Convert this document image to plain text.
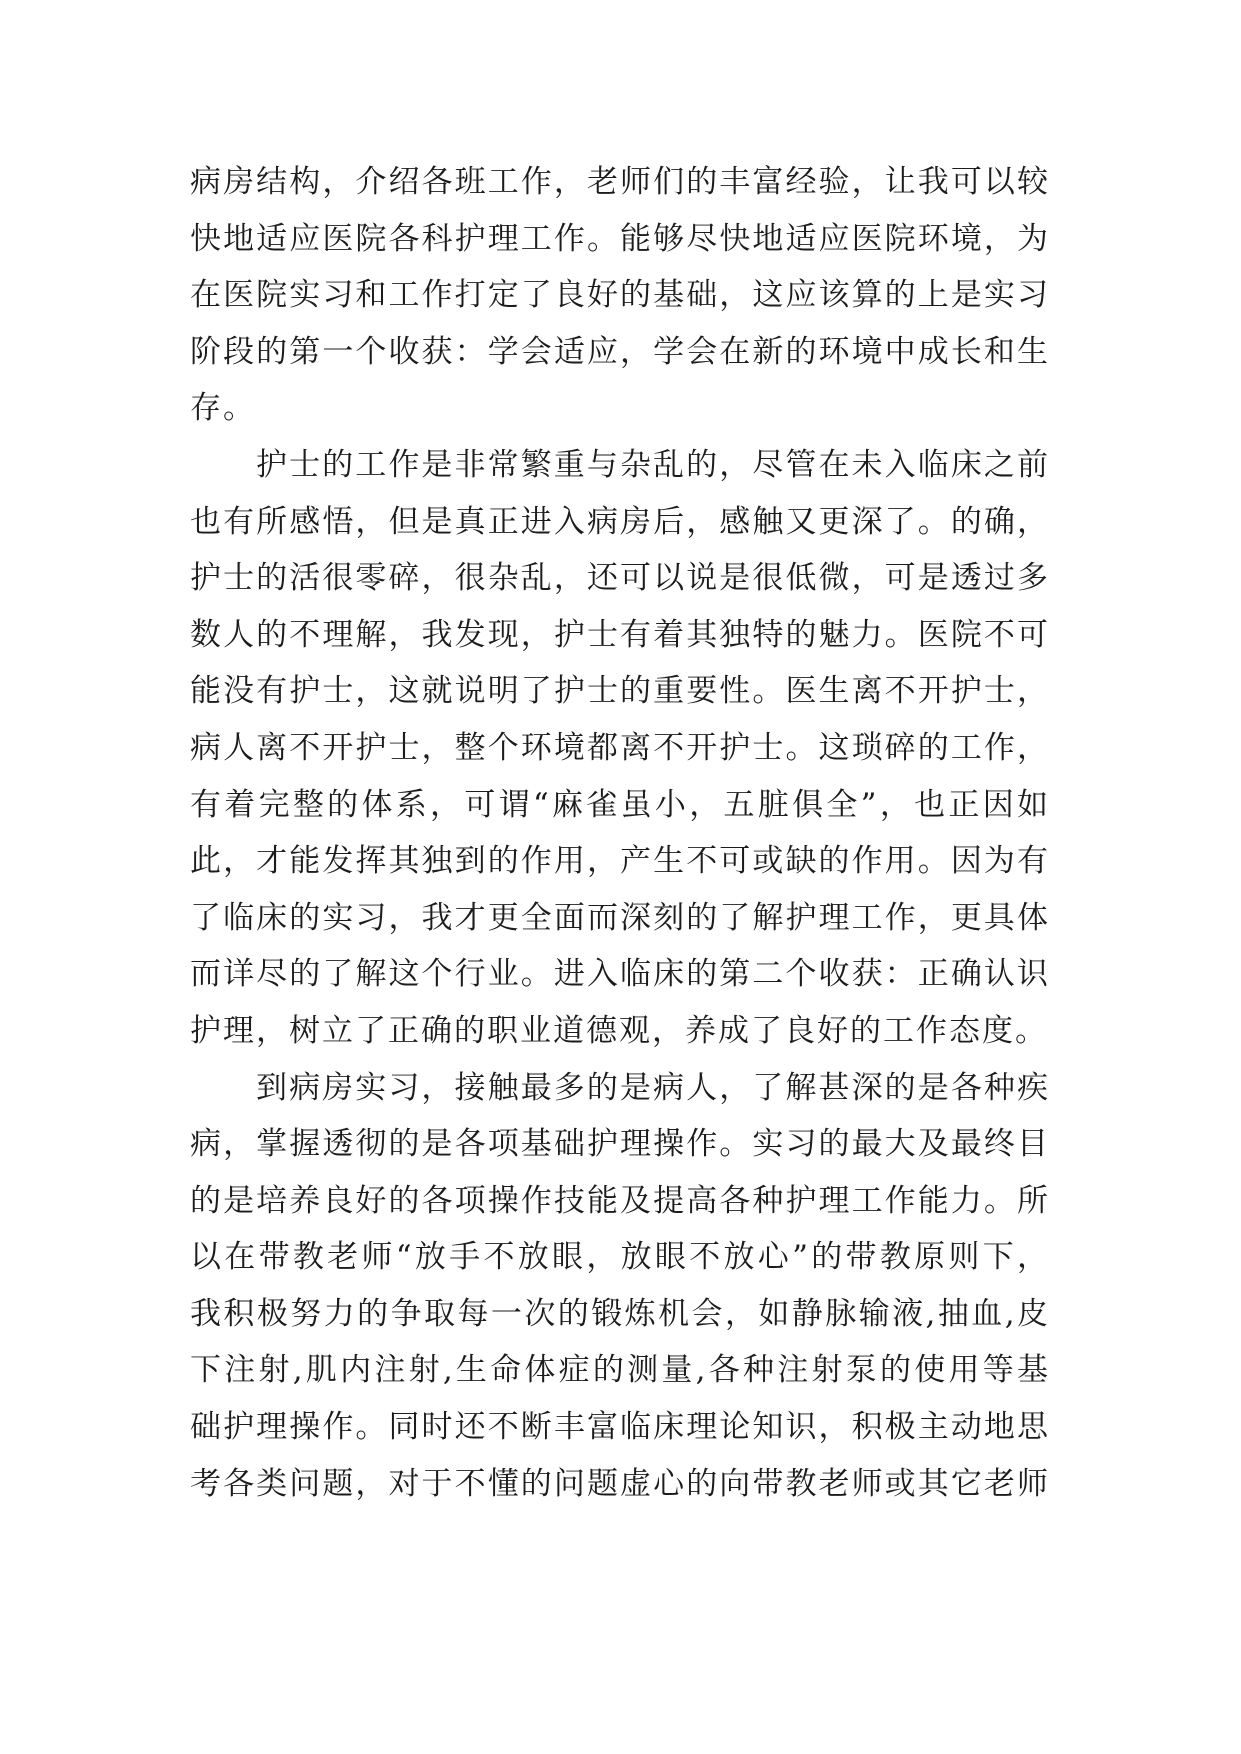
病房结构，介绍各班工作，老师们的丰富经验，让我可以较
快地适应医院各科护理工作。能够尽快地适应医院环境，为
在医院实习和工作打定了良好的基础，这应该算的上是实习
阶段的第一个收获：学会适应，学会在新的环境中成长和生
存。
护士的工作是非常繁重与杂乱的，尽管在未入临床之前
也有所感悟，但是真正进入病房后，感触又更深了。的确，
护士的活很零碎，很杂乱，还可以说是很低微，可是透过多
数人的不理解，我发现，护士有着其独特的魅力。医院不可
能没有护士，这就说明了护士的重要性。医生离不开护士，
病人离不开护士，整个环境都离不开护士。这琐碎的工作，
有着完整的体系，可谓“麻雀虽小，五脏俱全”，也正因如
此，才能发挥其独到的作用，产生不可或缺的作用。因为有
了临床的实习，我才更全面而深刻的了解护理工作，更具体
而详尽的了解这个行业。进入临床的第二个收获：正确认识
护理，树立了正确的职业道德观，养成了良好的工作态度。
到病房实习，接触最多的是病人，了解甚深的是各种疾
病，掌握透彻的是各项基础护理操作。实习的最大及最终目
的是培养良好的各项操作技能及提高各种护理工作能力。所
以在带教老师“放手不放眼，放眼不放心”的带教原则下，
我积极努力的争取每一次的锻炼机会，如静脉输液,抽血,皮
下注射,肌内注射,生命体症的测量,各种注射泵的使用等基
础护理操作。同时还不断丰富临床理论知识，积极主动地思
考各类问题，对于不懂的问题虚心的向带教老师或其它老师
